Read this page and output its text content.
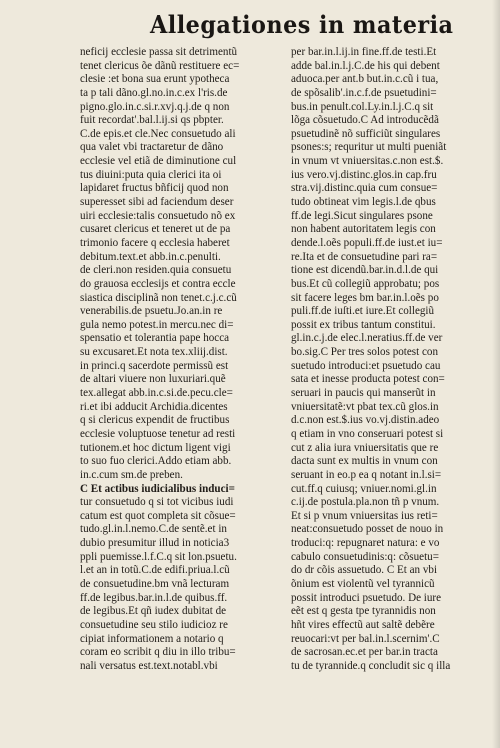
Allegationes in materia
neficij ecclesie passa sit detrimentũ
tenet clericus õe dãnũ restituere ec=
clesie :et bona sua erunt ypotheca
ta p tali dãno.gl.no.in.c.ex l'ris.de
pigno.glo.in.c.si.r.xvj.q.j.de q non
fuit recordat'.bal.l.ij.si qs pbpter.
C.de epis.et cle.Nec consuetudo ali
qua valet vbi tractaretur de dãno
ecclesie vel etiã de diminutione cul
tus diuini:puta quia clerici ita oi
lapidaret fructus bñficij quod non
superesset sibi ad faciendum deser
uiri ecclesie:talis consuetudo nõ ex
cusaret clericus et teneret ut de pa
trimonio facere q ecclesia haberet
debitum.text.et abb.in.c.penulti.
de cleri.non residen.quia consuetu
do grauosa ecclesijs et contra eccle
siastica disciplinã non tenet.c.j.c.cũ
venerabilis.de psuetu.Jo.an.in re
gula nemo potest.in mercu.nec di=
spensatio et tolerantia pape hocca
su excusaret.Et nota tex.xliij.dist.
in princi.q sacerdote permissũ est
de altari viuere non luxuriari.quẽ
tex.allegat abb.in.c.si.de.pecu.cle=
ri.et ibi adducit Archidia.dicentes
q si clericus expendit de fructibus
ecclesie voluptuose tenetur ad resti
tutionem.et hoc dictum ligent vigi
to suo fuo clerici.Addo etiam abb.
in.c.cum sm.de preben.
C Et actibus iudicialibus induci=
tur consuetudo q si tot vicibus iudi
catum est quot completa sit cõsue=
tudo.gl.in.l.nemo.C.de sentẽ.et in
dubio presumitur illud in noticia3
ppli puemisse.l.f.C.q sit lon.psuetu.
l.et an in totũ.C.de edifi.priua.l.cũ
de consuetudine.bm vnã lecturam
ff.de legibus.bar.in.l.de quibus.ff.
de legibus.Et qñ iudex dubitat de
consuetudine seu stilo iudicioz re
cipiat informationem a notario q
coram eo scribit q diu in illo tribu=
nali versatus est.text.notabl.vbi
per bar.in.l.ij.in fine.ff.de testi.Et
adde bal.in.l.j.C.de his qui debent
aduoca.per ant.b but.in.c.cũ i tua,
de spõsalib'.in.c.f.de psuetudini=
bus.in penult.col.Ly.in.l.j.C.q sit
lõga cõsuetudo.C Ad introducẽdã
psuetudinẽ nõ sufficiũt singulares
psones:s; requritur ut multi pueniãt
in vnum vt vniuersitas.c.non est.$.
ius vero.vj.distinc.glos.in cap.fru
stra.vij.distinc.quia cum consue=
tudo obtineat vim legis.l.de qbus
ff.de legi.Sicut singulares psone
non habent autoritatem legis con
dende.l.oẽs populi.ff.de iust.et iu=
re.Ita et de consuetudine pari ra=
tione est dicendũ.bar.in.d.l.de qui
bus.Et cũ collegiũ approbatu; pos
sit facere leges bm bar.in.l.oẽs po
puli.ff.de iuſti.et iure.Et collegiũ
possit ex tribus tantum constitui.
gl.in.c.j.de elec.l.neratius.ff.de ver
bo.sig.C Per tres solos potest con
suetudo introduci:et psuetudo cau
sata et inesse producta potest con=
seruari in paucis qui manserũt in
vniuersitatẽ:vt pbat tex.cũ glos.in
d.c.non est.$.ius vo.vj.distin.adeo
q etiam in vno conseruari potest si
cut z alia iura vniuersitatis que re
dacta sunt ex multis in vnum con
seruant in eo.p ea q notant in.l.si=
cut.ff.q cuiusq; vniuer.nomi.gl.in
c.ij.de postula.pla.non tñ p vnum.
Et si p vnum vniuersitas ius reti=
neat:consuetudo posset de nouo in
troduci:q: repugnaret natura: e vo
cabulo consuetudinis:q: cõsuetu=
do dr cõis assuetudo. C Et an vbi
õnium est violentũ vel tyrannicũ
possit introduci psuetudo. De iure
eẽt est q gesta tpe tyrannidis non
hñt vires effectũ aut saltẽ debẽre
reuocari:vt per bal.in.l.scernim'.C
de sacrosan.ec.et per bar.in tracta
tu de tyrannide.q concludit sic q illa
